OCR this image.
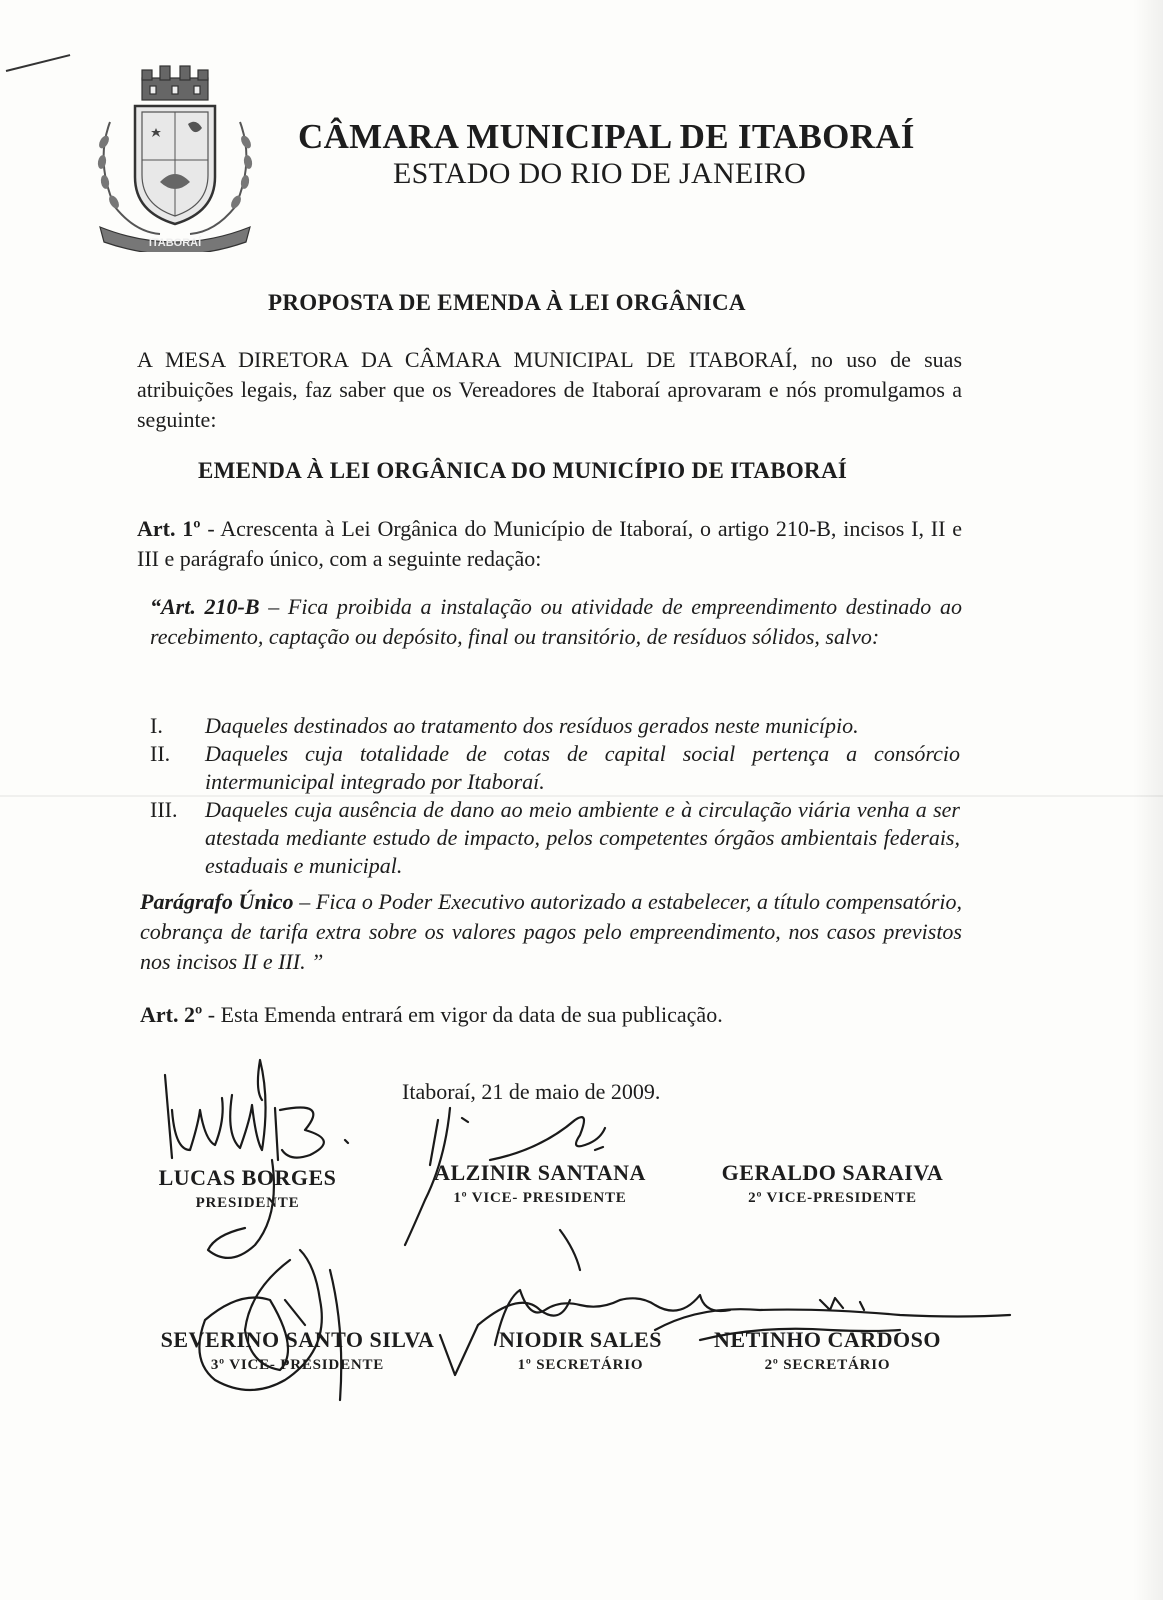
ITABORAÍ
CÂMARA MUNICIPAL DE ITABORAÍ
ESTADO DO RIO DE JANEIRO
PROPOSTA DE EMENDA À LEI ORGÂNICA
A MESA DIRETORA DA CÂMARA MUNICIPAL DE ITABORAÍ, no uso de suas atribuições legais, faz saber que os Vereadores de Itaboraí aprovaram e nós promulgamos a seguinte:
EMENDA À LEI ORGÂNICA DO MUNICÍPIO DE ITABORAÍ
Art. 1º - Acrescenta à Lei Orgânica do Município de Itaboraí, o artigo 210-B, incisos I, II e III e parágrafo único, com a seguinte redação:
“Art. 210-B – Fica proibida a instalação ou atividade de empreendimento destinado ao recebimento, captação ou depósito, final ou transitório, de resíduos sólidos, salvo:
I.	Daqueles destinados ao tratamento dos resíduos gerados neste município.
II.	Daqueles cuja totalidade de cotas de capital social pertença a consórcio intermunicipal integrado por Itaboraí.
III.	Daqueles cuja ausência de dano ao meio ambiente e à circulação viária venha a ser atestada mediante estudo de impacto, pelos competentes órgãos ambientais federais, estaduais e municipal.
Parágrafo Único – Fica o Poder Executivo autorizado a estabelecer, a título compensatório, cobrança de tarifa extra sobre os valores pagos pelo empreendimento, nos casos previstos nos incisos II e III. ”
Art. 2º - Esta Emenda entrará em vigor da data de sua publicação.
Itaboraí, 21 de maio de 2009.
LUCAS BORGES
PRESIDENTE
ALZINIR SANTANA
1º VICE- PRESIDENTE
GERALDO SARAIVA
2º VICE-PRESIDENTE
SEVERINO SANTO SILVA
3º VICE- PRESIDENTE
NIODIR SALES
1º SECRETÁRIO
NETINHO CARDOSO
2º SECRETÁRIO
